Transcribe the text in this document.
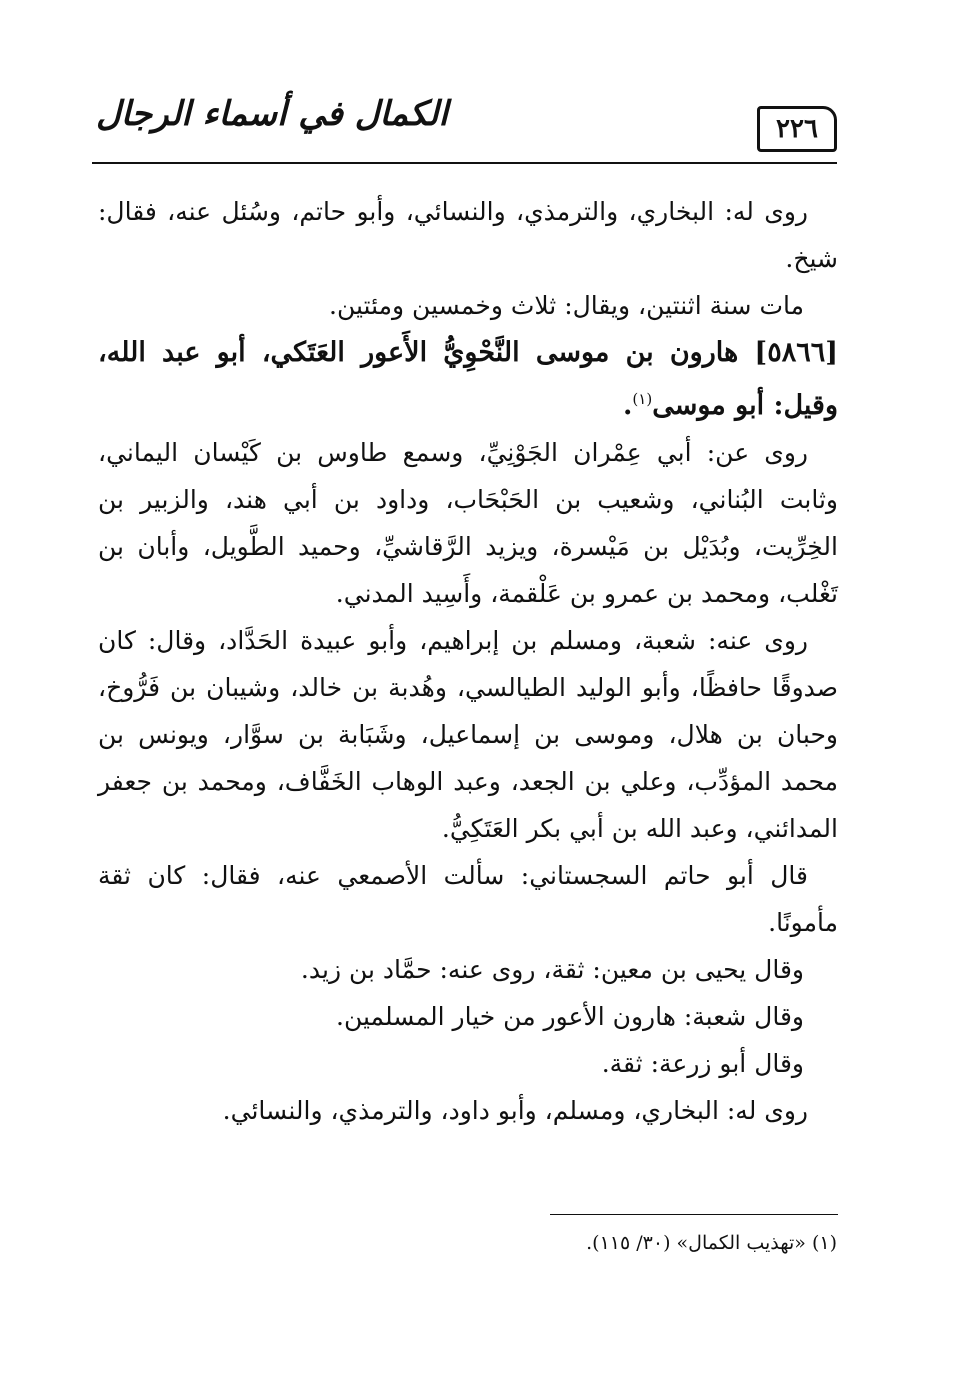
الكمال في أسماء الرجال	٢٢٦

روى له: البخاري، والترمذي، والنسائي، وأبو حاتم، وسُئل عنه، فقال: شيخ.

مات سنة اثنتين، ويقال: ثلاث وخمسين ومئتين.

[٥٨٦٦] هارون بن موسى النَّحْوِيُّ الأَعور العَتَكي، أبو عبد الله، وقيل: أبو موسى$^{(١)}$.

روى عن: أبي عِمْران الجَوْنِيِّ، وسمع طاوس بن كَيْسان اليماني، وثابت البُناني، وشعيب بن الحَبْحَاب، وداود بن أبي هند، والزبير بن الخِرِّيت، وبُدَيْل بن مَيْسرة، ويزيد الرَّقاشيِّ، وحميد الطَّويل، وأبان بن تَغْلب، ومحمد بن عمرو بن عَلْقمة، وأَسِيد المدني.

روى عنه: شعبة، ومسلم بن إبراهيم، وأبو عبيدة الحَدَّاد، وقال: كان صدوقًا حافظًا، وأبو الوليد الطيالسي، وهُدبة بن خالد، وشيبان بن فَرُّوخ، وحبان بن هلال، وموسى بن إسماعيل، وشَبَابة بن سوَّار، ويونس بن محمد المؤدِّب، وعلي بن الجعد، وعبد الوهاب الخَفَّاف، ومحمد بن جعفر المدائني، وعبد الله بن أبي بكر العَتَكِيُّ.

قال أبو حاتم السجستاني: سألت الأصمعي عنه، فقال: كان ثقة مأمونًا.

وقال يحيى بن معين: ثقة، روى عنه: حمَّاد بن زيد.

وقال شعبة: هارون الأعور من خيار المسلمين.

وقال أبو زرعة: ثقة.

روى له: البخاري، ومسلم، وأبو داود، والترمذي، والنسائي.

(١) «تهذيب الكمال» (٣٠/ ١١٥).
